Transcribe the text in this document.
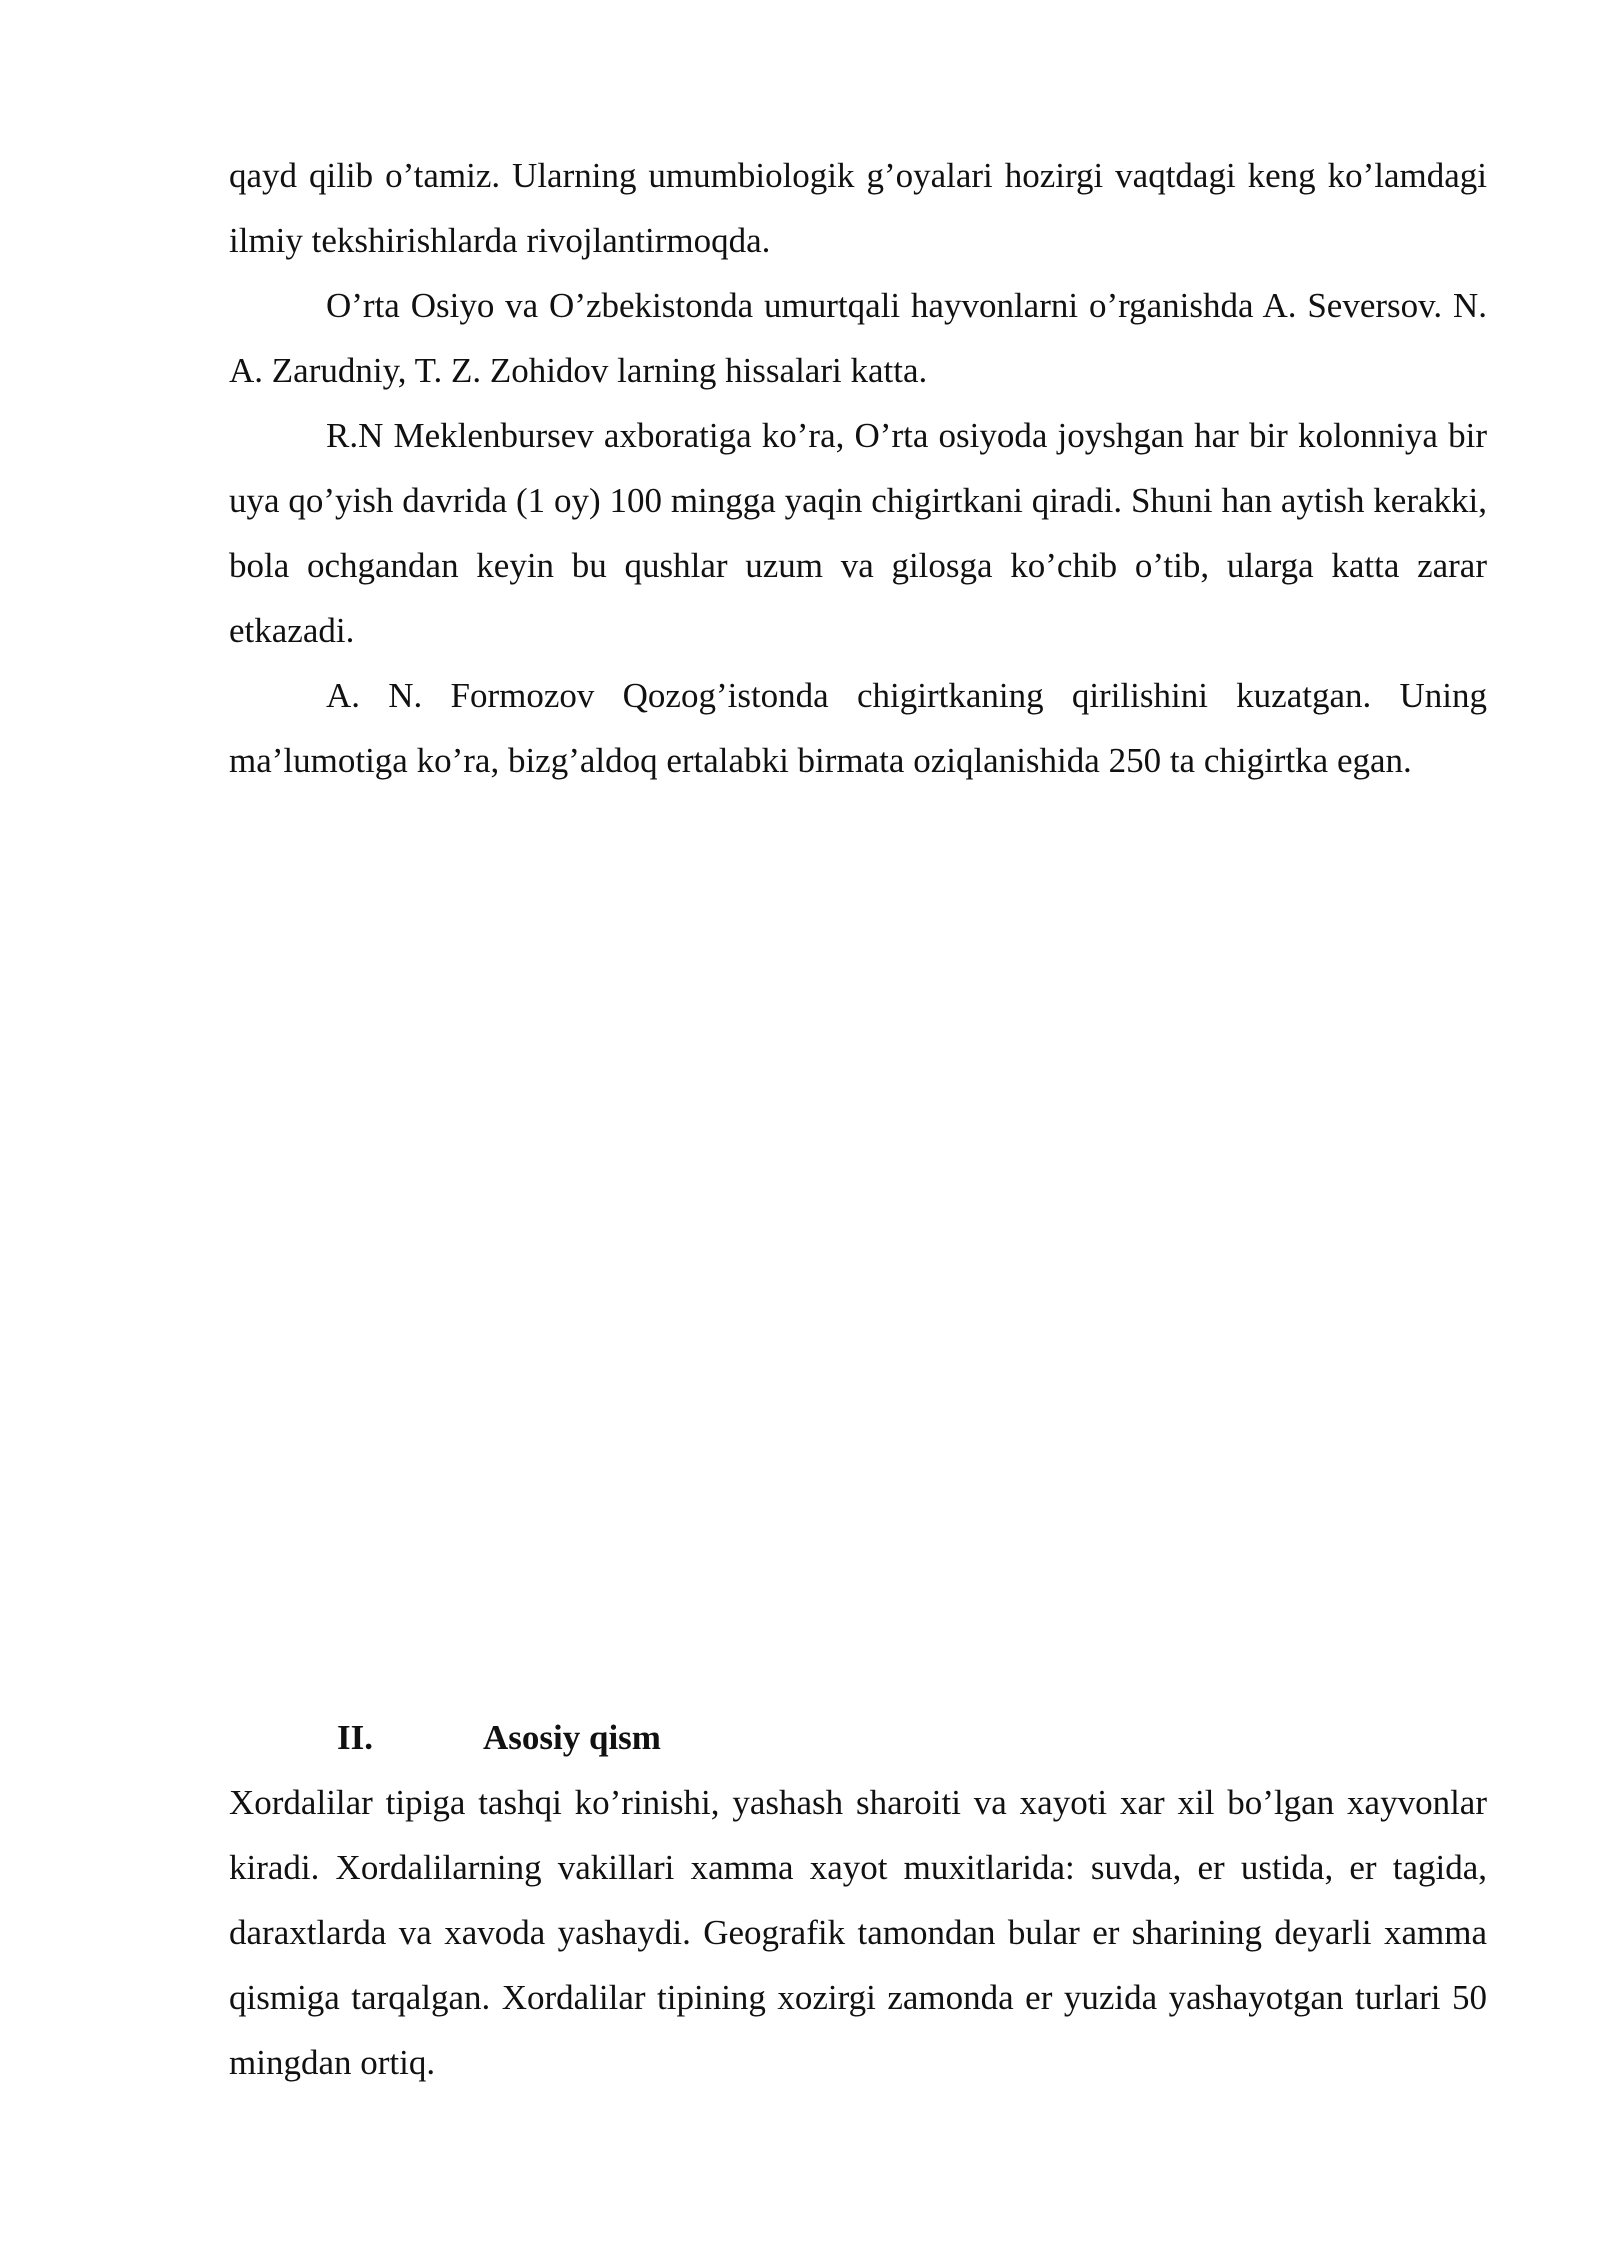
qayd qilib o’tamiz. Ularning umumbiologik g’oyalari hozirgi vaqtdagi keng ko’lamdagi ilmiy tekshirishlarda rivojlantirmoqda.

O’rta Osiyo va O’zbekistonda umurtqali hayvonlarni o’rganishda A. Seversov. N. A. Zarudniy, T. Z. Zohidov larning hissalari katta.

R.N Meklenbursev axboratiga ko’ra, O’rta osiyoda joyshgan har bir kolonniya bir uya qo’yish davrida (1 oy) 100 mingga yaqin chigirtkani qiradi. Shuni han aytish kerakki, bola ochgandan keyin bu qushlar uzum va gilosga ko’chib o’tib, ularga katta zarar etkazadi.

A. N. Formozov Qozog’istonda chigirtkaning qirilishini kuzatgan. Uning ma’lumotiga ko’ra, bizg’aldoq ertalabki birmata oziqlanishida 250 ta chigirtka egan.

II.	Asosiy qism

Xordalilar tipiga tashqi ko’rinishi, yashash sharoiti va xayoti xar xil bo’lgan xayvonlar kiradi. Xordalilarning vakillari xamma xayot muxitlarida: suvda, er ustida, er tagida, daraxtlarda va xavoda yashaydi. Geografik tamondan bular er sharining deyarli xamma qismiga tarqalgan. Xordalilar tipining xozirgi zamonda er yuzida yashayotgan turlari 50 mingdan ortiq.
